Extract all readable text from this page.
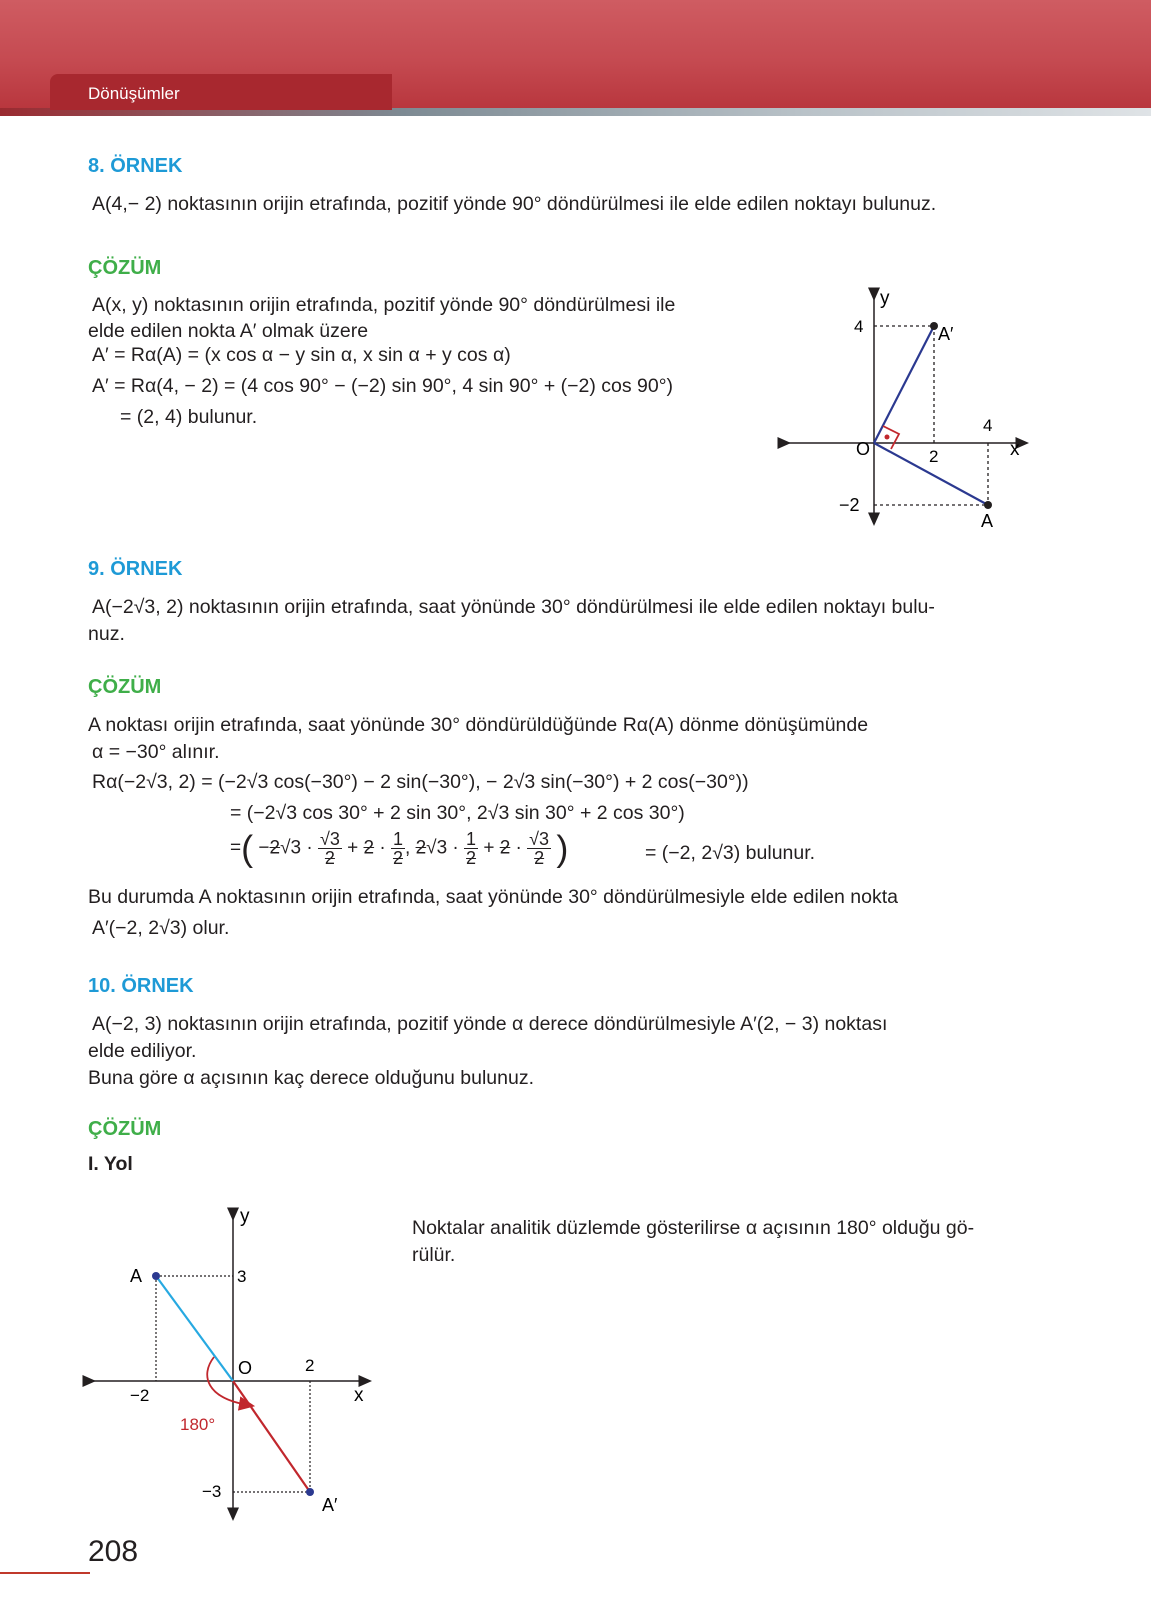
Dönüşümler
8. ÖRNEK
A(4,− 2) noktasının orijin etrafında, pozitif yönde 90° döndürülmesi ile elde edilen noktayı bulunuz.
ÇÖZÜM
A(x, y) noktasının orijin etrafında, pozitif yönde 90° döndürülmesi ile
elde edilen nokta A′ olmak üzere
A′ = Rα(A) = (x cos α − y sin α, x sin α + y cos α)
A′ = Rα(4, − 2) = (4 cos 90° − (−2) sin 90°, 4 sin 90° + (−2) cos 90°)
= (2, 4) bulunur.
y
x
O
4
2
4
−2
A
A′
9. ÖRNEK
A(−2√3, 2) noktasının orijin etrafında, saat yönünde 30° döndürülmesi ile elde edilen noktayı bulu-
nuz.
ÇÖZÜM
A noktası orijin etrafında, saat yönünde 30° döndürüldüğünde Rα(A) dönme dönüşümünde
α = −30° alınır.
Rα(−2√3, 2) = (−2√3 cos(−30°) − 2 sin(−30°), − 2√3 sin(−30°) + 2 cos(−30°))
= (−2√3 cos 30° + 2 sin 30°, 2√3 sin 30° + 2 cos 30°)
=( $-2√3 \cdot \frac{√3}{2} + 2 \cdot \frac{1}{2}$ , $2√3 \cdot \frac{1}{2} + 2 \cdot \frac{√3}{2}$ )	= (−2, 2√3) bulunur.
Bu durumda A noktasının orijin etrafında, saat yönünde 30° döndürülmesiyle elde edilen nokta
A′(−2, 2√3) olur.
10. ÖRNEK
A(−2, 3) noktasının orijin etrafında, pozitif yönde α derece döndürülmesiyle A′(2, − 3) noktası
elde ediliyor.
Buna göre α açısının kaç derece olduğunu bulunuz.
ÇÖZÜM
I. Yol
Noktalar analitik düzlemde gösterilirse α açısının 180° olduğu gö-
rülür.
y
x
O
A
A′
3
−3
2
−2
180°
208
